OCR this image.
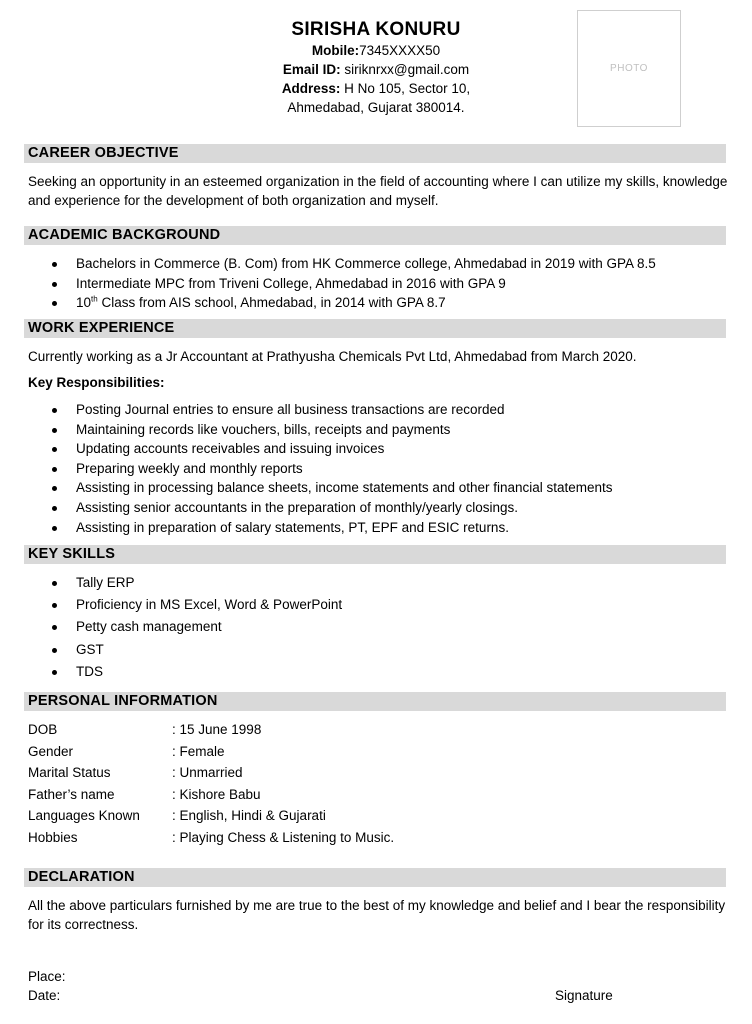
SIRISHA KONURU
Mobile:7345XXXX50
Email ID: siriknrxx@gmail.com
Address: H No 105, Sector 10,
Ahmedabad, Gujarat 380014.
PHOTO
CAREER OBJECTIVE
Seeking an opportunity in an esteemed organization in the field of accounting where I can utilize my skills, knowledge and experience for the development of both organization and myself.
ACADEMIC BACKGROUND
Bachelors in Commerce (B. Com) from HK Commerce college, Ahmedabad in 2019 with GPA 8.5
Intermediate MPC from Triveni College, Ahmedabad in 2016 with GPA 9
10th Class from AIS school, Ahmedabad, in 2014 with GPA 8.7
WORK EXPERIENCE
Currently working as a Jr Accountant at Prathyusha Chemicals Pvt Ltd, Ahmedabad from March 2020.
Key Responsibilities:
Posting Journal entries to ensure all business transactions are recorded
Maintaining records like vouchers, bills, receipts and payments
Updating accounts receivables and issuing invoices
Preparing weekly and monthly reports
Assisting in processing balance sheets, income statements and other financial statements
Assisting senior accountants in the preparation of monthly/yearly closings.
Assisting in preparation of salary statements, PT, EPF and ESIC returns.
KEY SKILLS
Tally ERP
Proficiency in MS Excel, Word & PowerPoint
Petty cash management
GST
TDS
PERSONAL INFORMATION
DOB	: 15 June 1998
Gender	: Female
Marital Status	: Unmarried
Father’s name	: Kishore Babu
Languages Known	: English, Hindi & Gujarati
Hobbies	: Playing Chess & Listening to Music.
DECLARATION
All the above particulars furnished by me are true to the best of my knowledge and belief and I bear the responsibility for its correctness.
Place:
Date:	Signature
